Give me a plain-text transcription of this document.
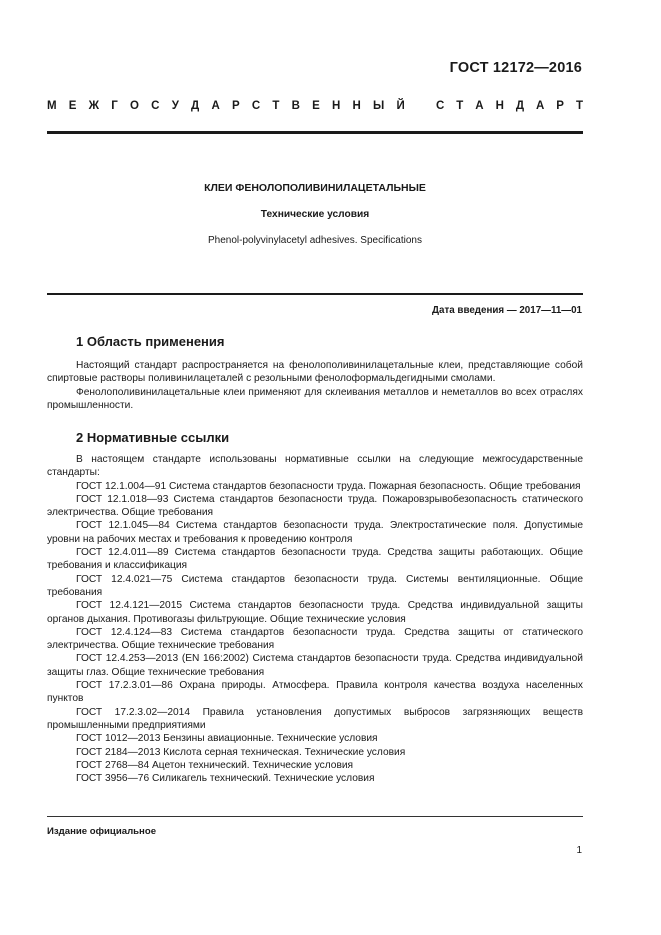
ГОСТ 12172—2016
М Е Ж Г О С У Д А Р С Т В Е Н Н Ы Й	С Т А Н Д А Р Т
КЛЕИ ФЕНОЛОПОЛИВИНИЛАЦЕТАЛЬНЫЕ
Технические условия
Phenol-polyvinylacetyl adhesives. Specifications
Дата введения — 2017—11—01
1 Область применения

Настоящий стандарт распространяется на фенолополивинилацетальные клеи, представляющие собой спиртовые растворы поливинилацеталей с резольными фенолоформальдегидными смолами.

Фенолополивинилацетальные клеи применяют для склеивания металлов и неметаллов во всех отраслях промышленности.

2 Нормативные ссылки

В настоящем стандарте использованы нормативные ссылки на следующие межгосударственные стандарты:

ГОСТ 12.1.004—91 Система стандартов безопасности труда. Пожарная безопасность. Общие требования

ГОСТ 12.1.018—93 Система стандартов безопасности труда. Пожаровзрывобезопасность статического электричества. Общие требования

ГОСТ 12.1.045—84 Система стандартов безопасности труда. Электростатические поля. Допустимые уровни на рабочих местах и требования к проведению контроля

ГОСТ 12.4.011—89 Система стандартов безопасности труда. Средства защиты работающих. Общие требования и классификация

ГОСТ 12.4.021—75 Система стандартов безопасности труда. Системы вентиляционные. Общие требования

ГОСТ 12.4.121—2015 Система стандартов безопасности труда. Средства индивидуальной защиты органов дыхания. Противогазы фильтрующие. Общие технические условия

ГОСТ 12.4.124—83 Система стандартов безопасности труда. Средства защиты от статического электричества. Общие технические требования

ГОСТ 12.4.253—2013 (EN 166:2002) Система стандартов безопасности труда. Средства индивидуальной защиты глаз. Общие технические требования

ГОСТ 17.2.3.01—86 Охрана природы. Атмосфера. Правила контроля качества воздуха населенных пунктов

ГОСТ 17.2.3.02—2014 Правила установления допустимых выбросов загрязняющих веществ промышленными предприятиями

ГОСТ 1012—2013 Бензины авиационные. Технические условия

ГОСТ 2184—2013 Кислота серная техническая. Технические условия

ГОСТ 2768—84 Ацетон технический. Технические условия

ГОСТ 3956—76 Силикагель технический. Технические условия

Издание официальное
1
